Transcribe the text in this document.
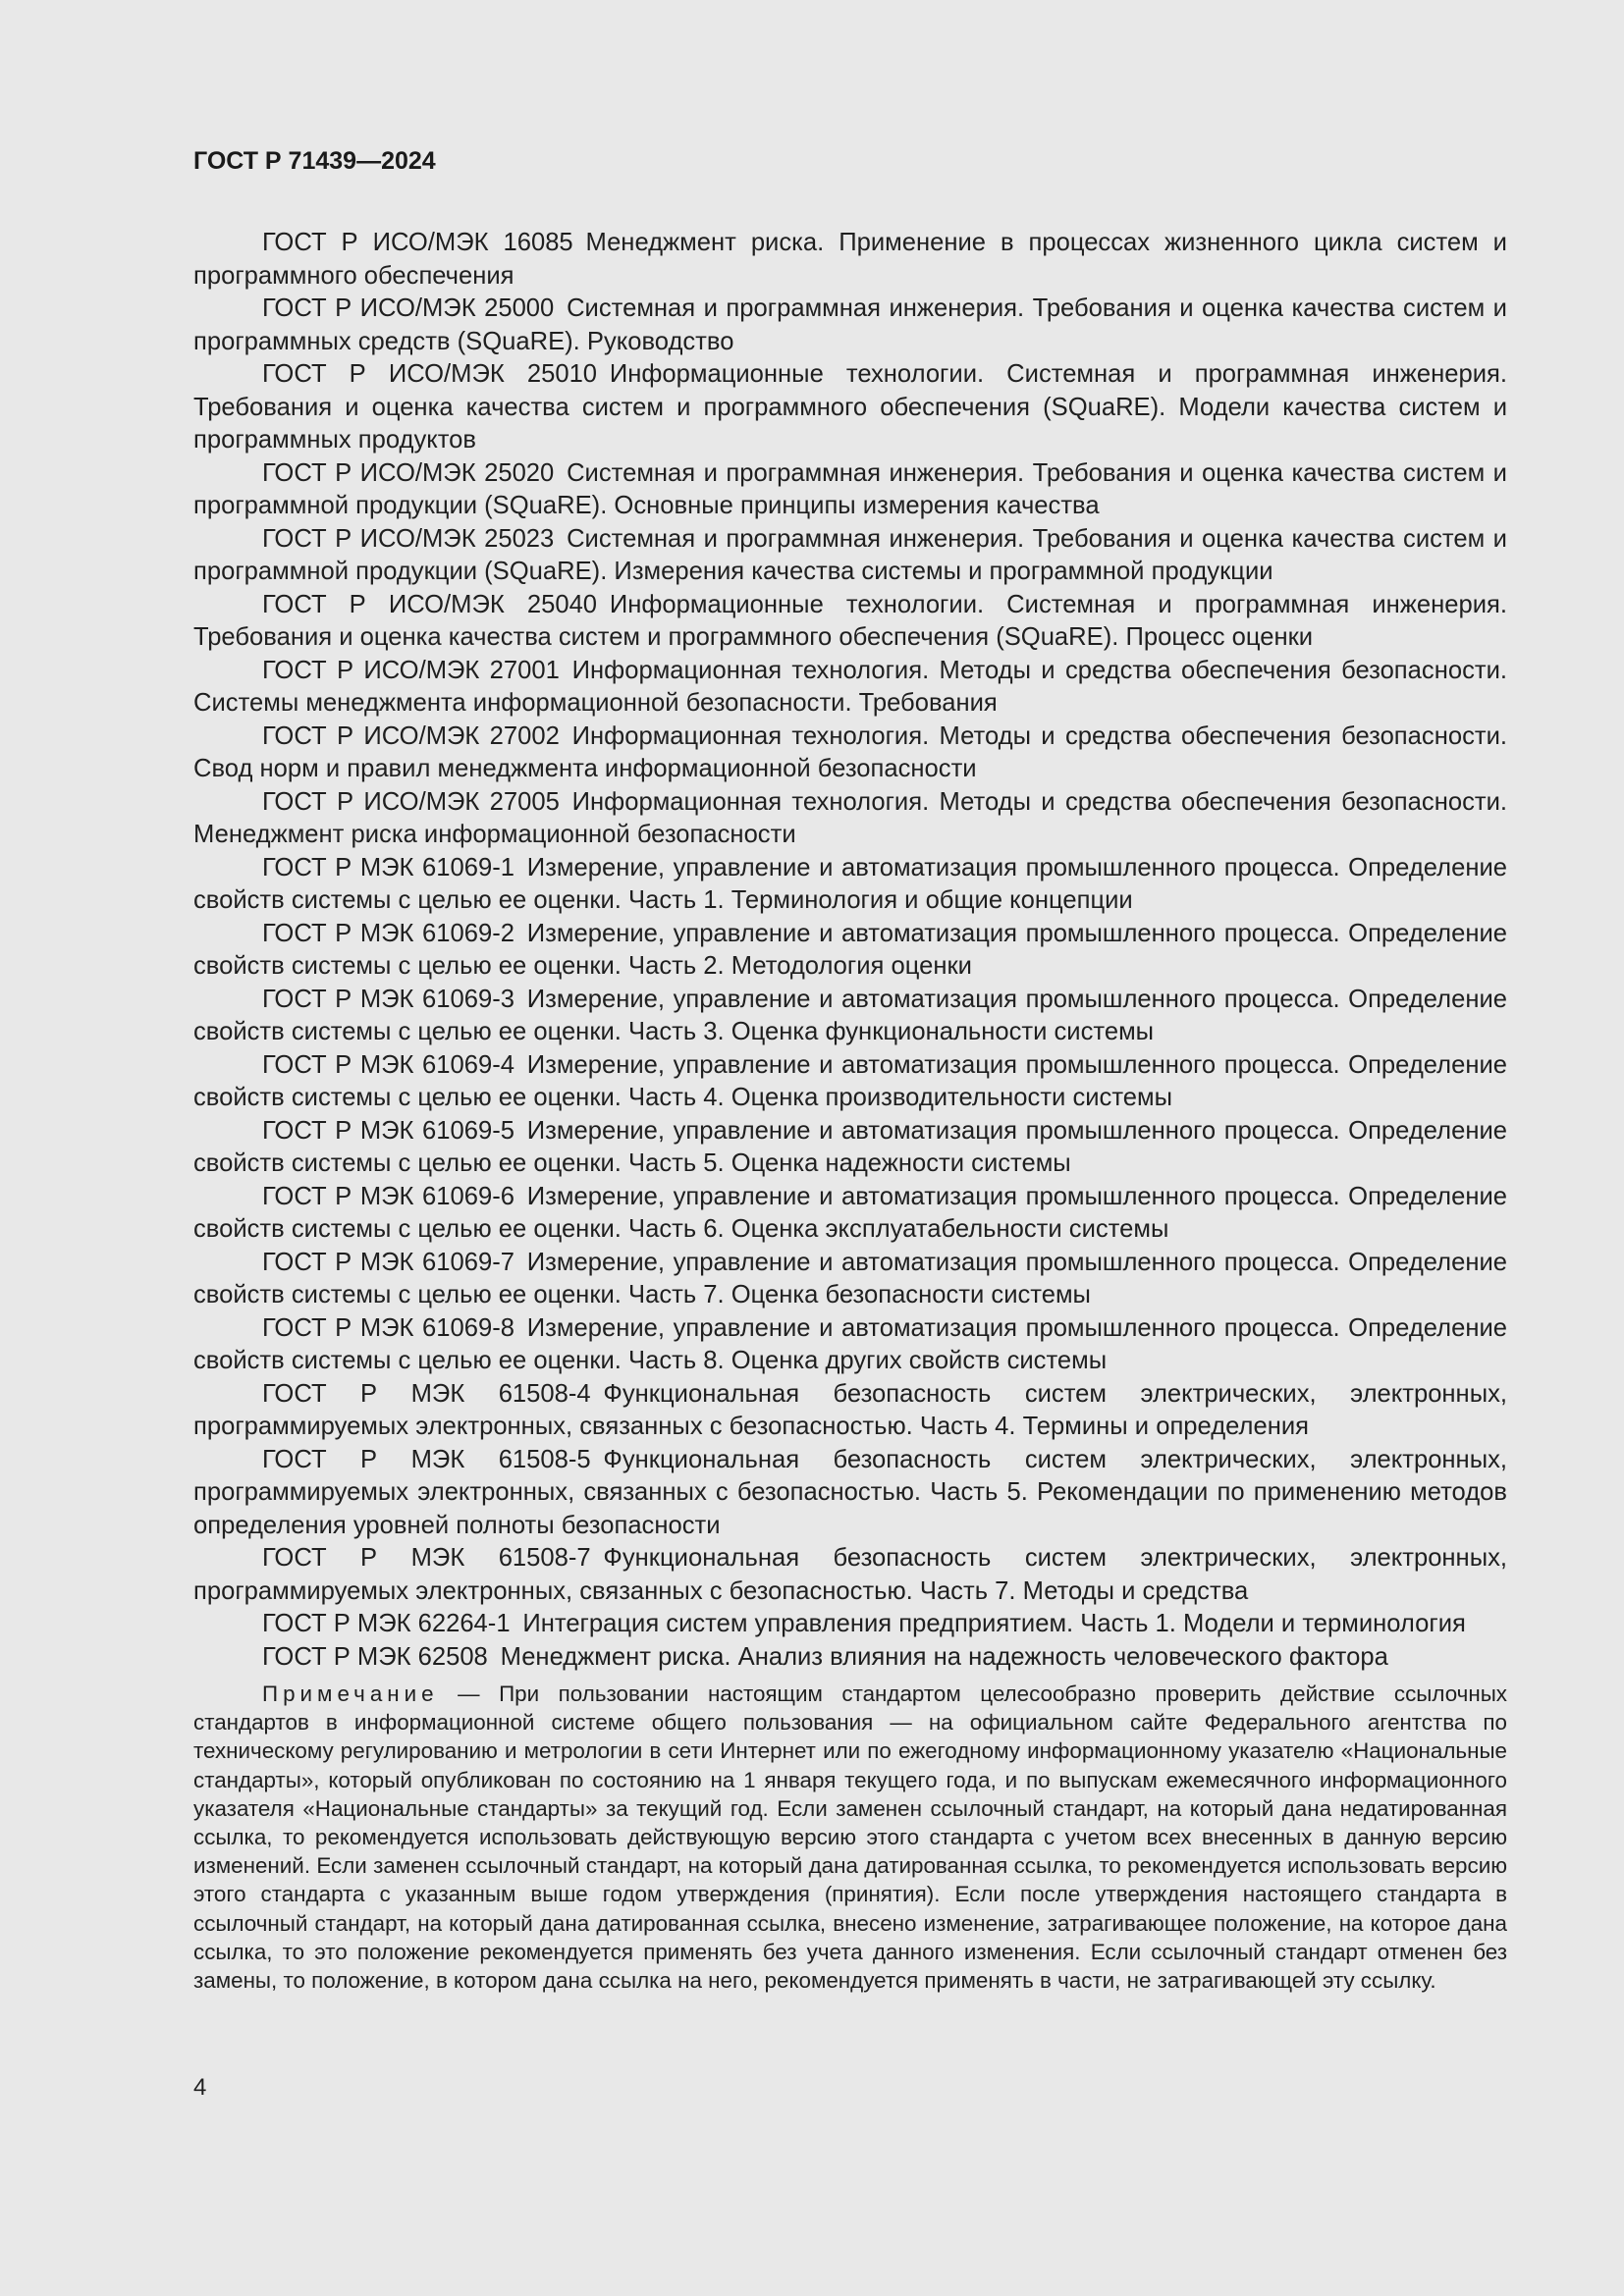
ГОСТ Р 71439—2024

ГОСТ Р ИСО/МЭК 16085  Менеджмент риска. Применение в процессах жизненного цикла систем и программного обеспечения

ГОСТ Р ИСО/МЭК 25000  Системная и программная инженерия. Требования и оценка качества систем и программных средств (SQuaRE). Руководство

ГОСТ Р ИСО/МЭК 25010  Информационные технологии. Системная и программная инженерия. Требования и оценка качества систем и программного обеспечения (SQuaRE). Модели качества систем и программных продуктов

ГОСТ Р ИСО/МЭК 25020  Системная и программная инженерия. Требования и оценка качества систем и программной продукции (SQuaRE). Основные принципы измерения качества

ГОСТ Р ИСО/МЭК 25023  Системная и программная инженерия. Требования и оценка качества систем и программной продукции (SQuaRE). Измерения качества системы и программной продукции

ГОСТ Р ИСО/МЭК 25040  Информационные технологии. Системная и программная инженерия. Требования и оценка качества систем и программного обеспечения (SQuaRE). Процесс оценки

ГОСТ Р ИСО/МЭК 27001  Информационная технология. Методы и средства обеспечения безопасности. Системы менеджмента информационной безопасности. Требования

ГОСТ Р ИСО/МЭК 27002  Информационная технология. Методы и средства обеспечения безопасности. Свод норм и правил менеджмента информационной безопасности

ГОСТ Р ИСО/МЭК 27005  Информационная технология. Методы и средства обеспечения безопасности. Менеджмент риска информационной безопасности

ГОСТ Р МЭК 61069-1  Измерение, управление и автоматизация промышленного процесса. Определение свойств системы с целью ее оценки. Часть 1. Терминология и общие концепции

ГОСТ Р МЭК 61069-2  Измерение, управление и автоматизация промышленного процесса. Определение свойств системы с целью ее оценки. Часть 2. Методология оценки

ГОСТ Р МЭК 61069-3  Измерение, управление и автоматизация промышленного процесса. Определение свойств системы с целью ее оценки. Часть 3. Оценка функциональности системы

ГОСТ Р МЭК 61069-4  Измерение, управление и автоматизация промышленного процесса. Определение свойств системы с целью ее оценки. Часть 4. Оценка производительности системы

ГОСТ Р МЭК 61069-5  Измерение, управление и автоматизация промышленного процесса. Определение свойств системы с целью ее оценки. Часть 5. Оценка надежности системы

ГОСТ Р МЭК 61069-6  Измерение, управление и автоматизация промышленного процесса. Определение свойств системы с целью ее оценки. Часть 6. Оценка эксплуатабельности системы

ГОСТ Р МЭК 61069-7  Измерение, управление и автоматизация промышленного процесса. Определение свойств системы с целью ее оценки. Часть 7. Оценка безопасности системы

ГОСТ Р МЭК 61069-8  Измерение, управление и автоматизация промышленного процесса. Определение свойств системы с целью ее оценки. Часть 8. Оценка других свойств системы

ГОСТ Р МЭК 61508-4  Функциональная безопасность систем электрических, электронных, программируемых электронных, связанных с безопасностью. Часть 4. Термины и определения

ГОСТ Р МЭК 61508-5  Функциональная безопасность систем электрических, электронных, программируемых электронных, связанных с безопасностью. Часть 5. Рекомендации по применению методов определения уровней полноты безопасности

ГОСТ Р МЭК 61508-7  Функциональная безопасность систем электрических, электронных, программируемых электронных, связанных с безопасностью. Часть 7. Методы и средства

ГОСТ Р МЭК 62264-1  Интеграция систем управления предприятием. Часть 1. Модели и терминология

ГОСТ Р МЭК 62508  Менеджмент риска. Анализ влияния на надежность человеческого фактора

Примечание — При пользовании настоящим стандартом целесообразно проверить действие ссылочных стандартов в информационной системе общего пользования — на официальном сайте Федерального агентства по техническому регулированию и метрологии в сети Интернет или по ежегодному информационному указателю «Национальные стандарты», который опубликован по состоянию на 1 января текущего года, и по выпускам ежемесячного информационного указателя «Национальные стандарты» за текущий год. Если заменен ссылочный стандарт, на который дана недатированная ссылка, то рекомендуется использовать действующую версию этого стандарта с учетом всех внесенных в данную версию изменений. Если заменен ссылочный стандарт, на который дана датированная ссылка, то рекомендуется использовать версию этого стандарта с указанным выше годом утверждения (принятия). Если после утверждения настоящего стандарта в ссылочный стандарт, на который дана датированная ссылка, внесено изменение, затрагивающее положение, на которое дана ссылка, то это положение рекомендуется применять без учета данного изменения. Если ссылочный стандарт отменен без замены, то положение, в котором дана ссылка на него, рекомендуется применять в части, не затрагивающей эту ссылку.

4
